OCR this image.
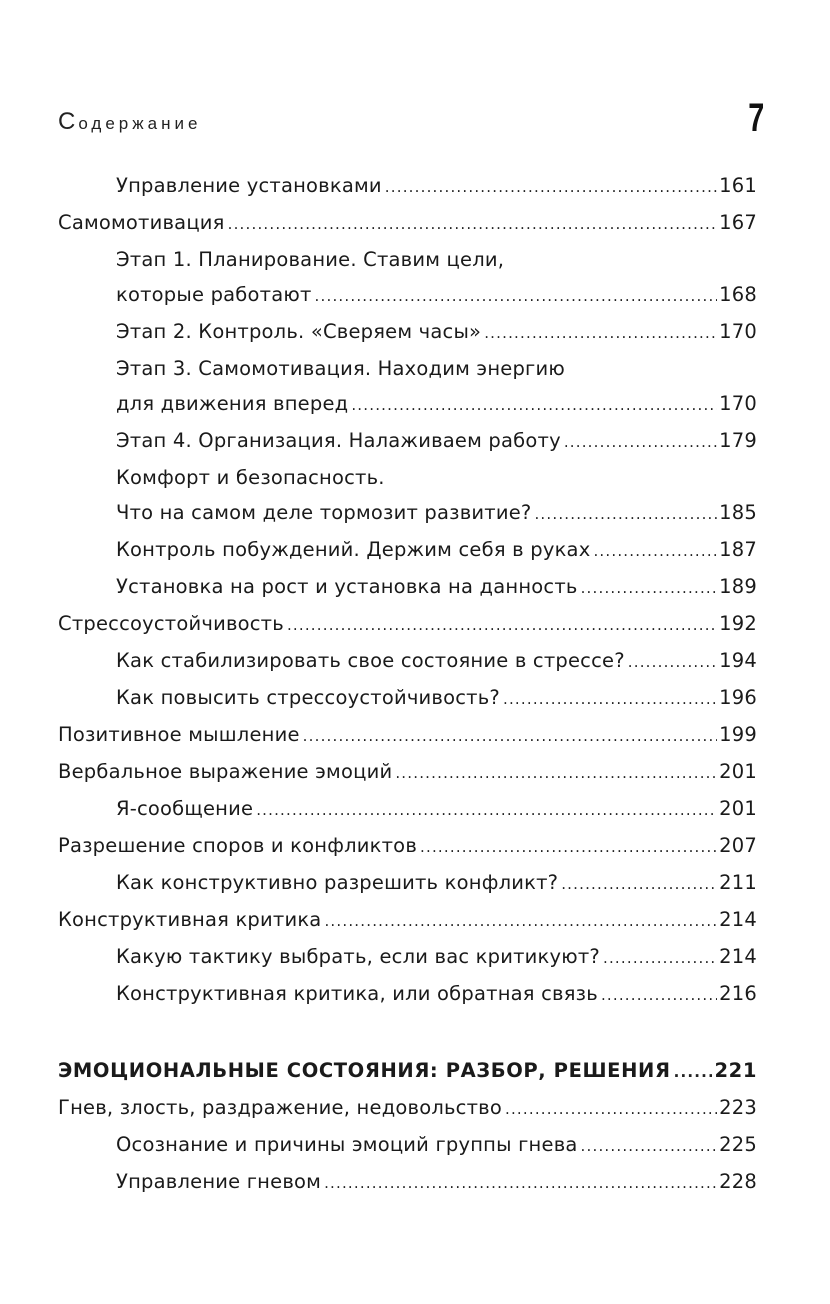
Содержание	7
Управление установками .....	161
Самомотивация .....	167
Этап 1. Планирование. Ставим цели,
которые работают .....	168
Этап 2. Контроль. «Сверяем часы» .....	170
Этап 3. Самомотивация. Находим энергию
для движения вперед .....	170
Этап 4. Организация. Налаживаем работу .....	179
Комфорт и безопасность.
Что на самом деле тормозит развитие? .....	185
Контроль побуждений. Держим себя в руках .....	187
Установка на рост и установка на данность .....	189
Стрессоустойчивость .....	192
Как стабилизировать свое состояние в стрессе? .....	194
Как повысить стрессоустойчивость? .....	196
Позитивное мышление .....	199
Вербальное выражение эмоций .....	201
Я-сообщение .....	201
Разрешение споров и конфликтов .....	207
Как конструктивно разрешить конфликт? .....	211
Конструктивная критика .....	214
Какую тактику выбрать, если вас критикуют? .....	214
Конструктивная критика, или обратная связь .....	216
ЭМОЦИОНАЛЬНЫЕ СОСТОЯНИЯ: РАЗБОР, РЕШЕНИЯ ..... 221
Гнев, злость, раздражение, недовольство .....	223
Осознание и причины эмоций группы гнева .....	225
Управление гневом .....	228
